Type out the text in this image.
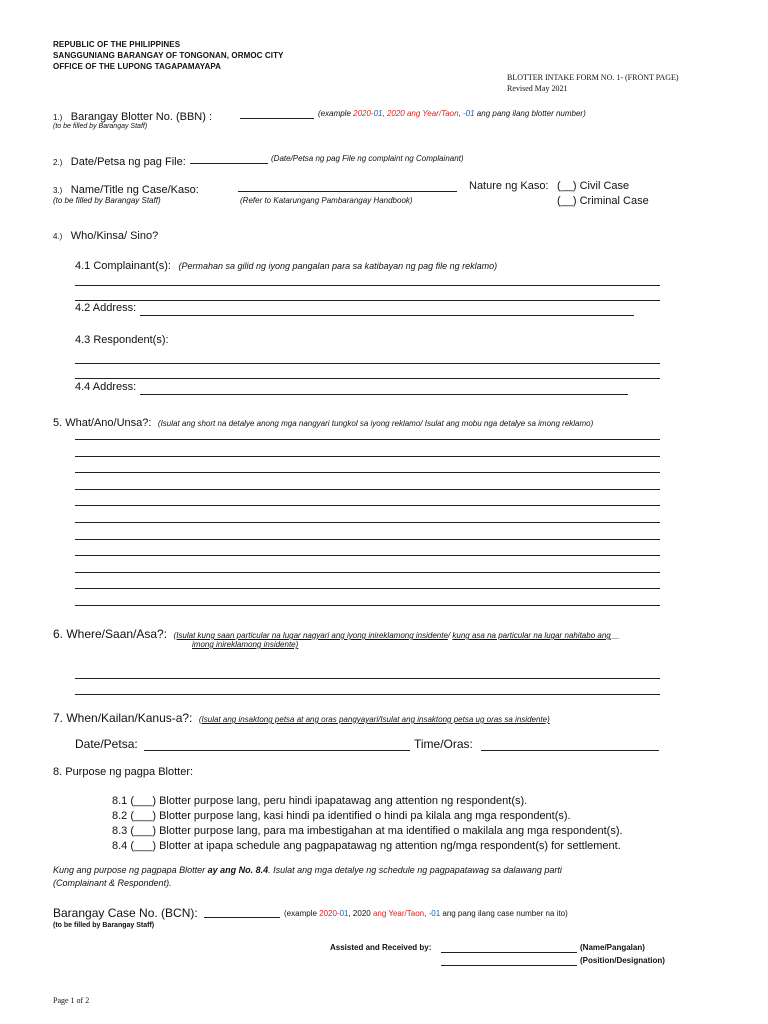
REPUBLIC OF THE PHILIPPINES
SANGGUNIANG BARANGAY OF TONGONAN, ORMOC CITY
OFFICE OF THE LUPONG TAGAPAMAYAPA
BLOTTER INTAKE FORM NO. 1- (FRONT PAGE)
Revised May 2021
1.) Barangay Blotter No. (BBN) :	(example 2020-01, 2020 ang Year/Taon, -01 ang pang ilang blotter number)
(to be filled by Barangay Staff)
2.) Date/Petsa ng pag File:	(Date/Petsa ng pag File ng complaint ng Complainant)
3.) Name/Title ng Case/Kaso:	Nature ng Kaso: (__) Civil Case
(to be filled by Barangay Staff)	(Refer to Katarungang Pambarangay Handbook)	(__) Criminal Case
4.) Who/Kinsa/ Sino?
4.1 Complainant(s): (Permahan sa gilid ng iyong pangalan para sa katibayan ng pag file ng reklamo)
4.2 Address:
4.3 Respondent(s):
4.4 Address:
5. What/Ano/Unsa?: (Isulat ang short na detalye anong mga nangyari tungkol sa iyong reklamo/ Isulat ang mobu nga detalye sa imong reklamo)
6. Where/Saan/Asa?: (Isulat kung saan particular na lugar nagyari ang iyong inireklamong insidente/ kung asa na particular na lugar nahitabo ang__
imong inireklamong insidente)
7. When/Kailan/Kanus-a?: (Isulat ang insaktong petsa at ang oras pangyayari/Isulat ang insaktong petsa ug oras sa insidente)
Date/Petsa:	Time/Oras:
8. Purpose ng pagpa Blotter:
8.1 (___) Blotter purpose lang, peru hindi ipapatawag ang attention ng respondent(s).
8.2 (___) Blotter purpose lang, kasi hindi pa identified o hindi pa kilala ang mga respondent(s).
8.3 (___) Blotter purpose lang, para ma imbestigahan at ma identified o makilala ang mga respondent(s).
8.4 (___) Blotter at ipapa schedule ang pagpapatawag ng attention ng/mga respondent(s) for settlement.
Kung ang purpose ng pagpapa Blotter ay ang No. 8.4. Isulat ang mga detalye ng schedule ng pagpapatawag sa dalawang parti
(Complainant & Respondent).
Barangay Case No. (BCN):	(example 2020-01, 2020 ang Year/Taon, -01 ang pang ilang case number na ito)
(to be filled by Barangay Staff)
Assisted and Received by:	(Name/Pangalan)
(Position/Designation)
Page 1 of 2
